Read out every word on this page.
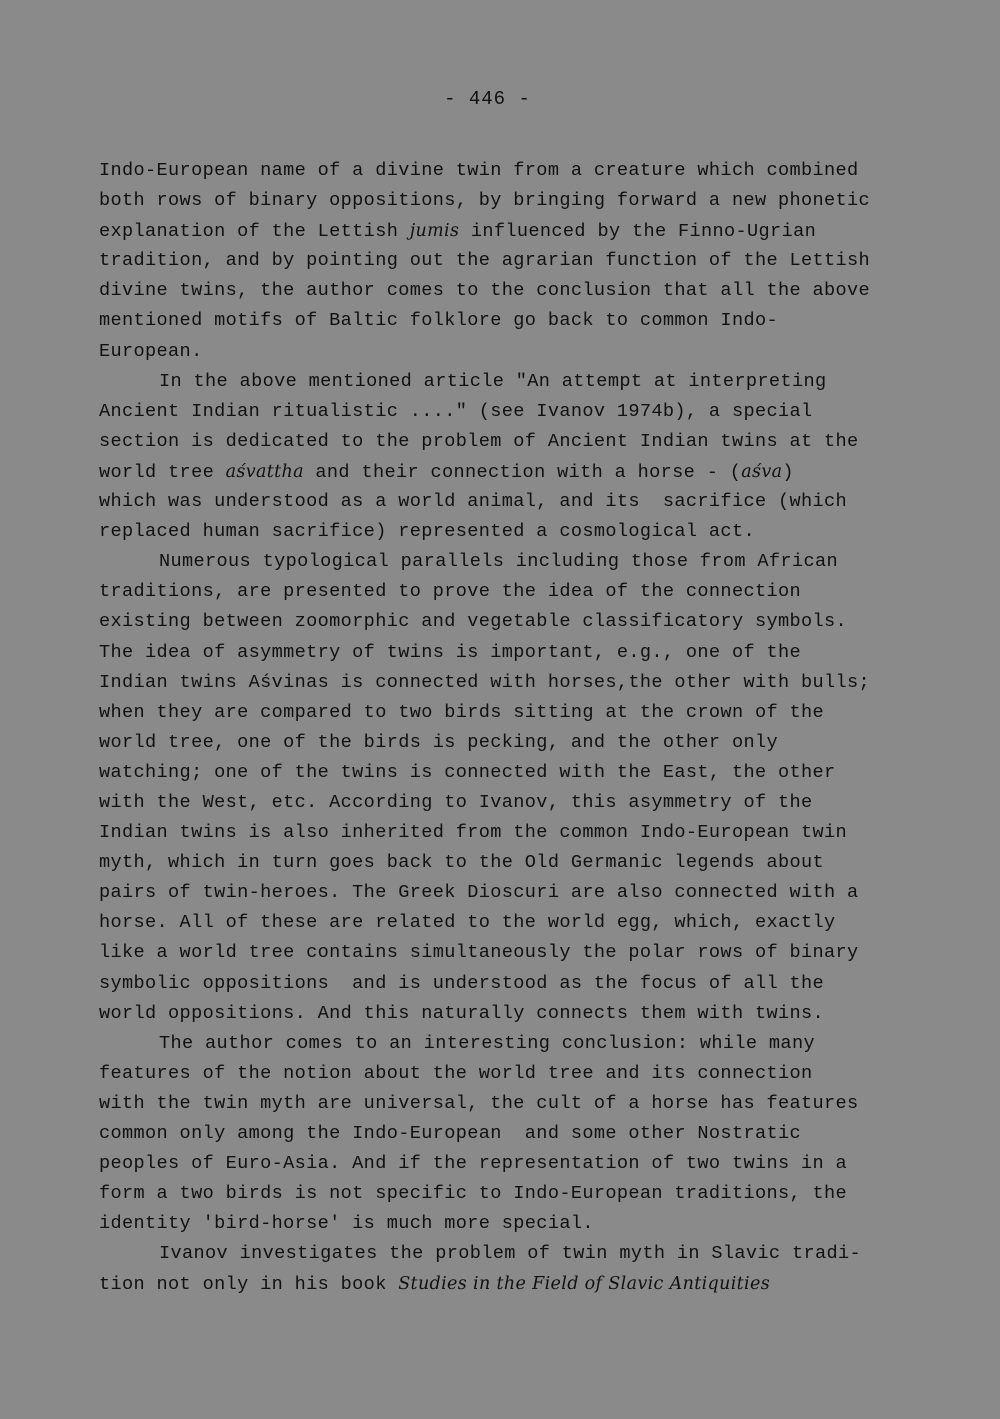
- 446 -
Indo-European name of a divine twin from a creature which combined
both rows of binary oppositions, by bringing forward a new phonetic
explanation of the Lettish jumis influenced by the Finno-Ugrian
tradition, and by pointing out the agrarian function of the Lettish
divine twins, the author comes to the conclusion that all the above
mentioned motifs of Baltic folklore go back to common Indo-
European.
In the above mentioned article "An attempt at interpreting
Ancient Indian ritualistic ...." (see Ivanov 1974b), a special
section is dedicated to the problem of Ancient Indian twins at the
world tree aśvattha and their connection with a horse - (aśva)
which was understood as a world animal, and its  sacrifice (which
replaced human sacrifice) represented a cosmological act.
Numerous typological parallels including those from African
traditions, are presented to prove the idea of the connection
existing between zoomorphic and vegetable classificatory symbols.
The idea of asymmetry of twins is important, e.g., one of the
Indian twins Aśvinas is connected with horses,the other with bulls;
when they are compared to two birds sitting at the crown of the
world tree, one of the birds is pecking, and the other only
watching; one of the twins is connected with the East, the other
with the West, etc. According to Ivanov, this asymmetry of the
Indian twins is also inherited from the common Indo-European twin
myth, which in turn goes back to the Old Germanic legends about
pairs of twin-heroes. The Greek Dioscuri are also connected with a
horse. All of these are related to the world egg, which, exactly
like a world tree contains simultaneously the polar rows of binary
symbolic oppositions  and is understood as the focus of all the
world oppositions. And this naturally connects them with twins.
The author comes to an interesting conclusion: while many
features of the notion about the world tree and its connection
with the twin myth are universal, the cult of a horse has features
common only among the Indo-European  and some other Nostratic
peoples of Euro-Asia. And if the representation of two twins in a
form a two birds is not specific to Indo-European traditions, the
identity 'bird-horse' is much more special.
Ivanov investigates the problem of twin myth in Slavic tradi-
tion not only in his book Studies in the Field of Slavic Antiquities
